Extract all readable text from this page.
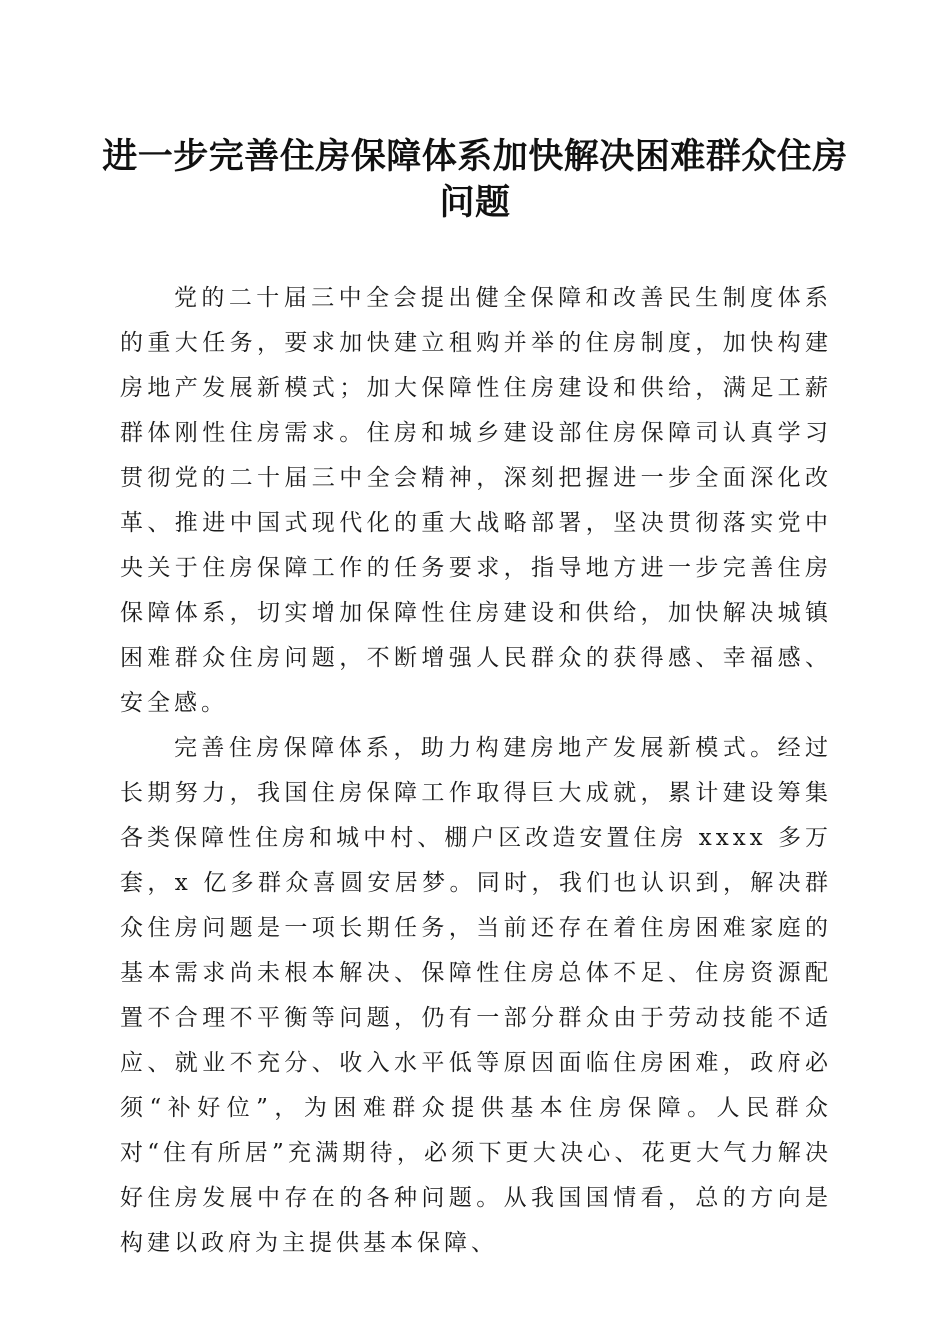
进一步完善住房保障体系加快解决困难群众住房问题

党的二十届三中全会提出健全保障和改善民生制度体系的重大任务，要求加快建立租购并举的住房制度，加快构建房地产发展新模式；加大保障性住房建设和供给，满足工薪群体刚性住房需求。住房和城乡建设部住房保障司认真学习贯彻党的二十届三中全会精神，深刻把握进一步全面深化改革、推进中国式现代化的重大战略部署，坚决贯彻落实党中央关于住房保障工作的任务要求，指导地方进一步完善住房保障体系，切实增加保障性住房建设和供给，加快解决城镇困难群众住房问题，不断增强人民群众的获得感、幸福感、安全感。

完善住房保障体系，助力构建房地产发展新模式。经过长期努力，我国住房保障工作取得巨大成就，累计建设筹集各类保障性住房和城中村、棚户区改造安置住房 xxxx 多万套，x 亿多群众喜圆安居梦。同时，我们也认识到，解决群众住房问题是一项长期任务，当前还存在着住房困难家庭的基本需求尚未根本解决、保障性住房总体不足、住房资源配置不合理不平衡等问题，仍有一部分群众由于劳动技能不适应、就业不充分、收入水平低等原因面临住房困难，政府必须“补好位”，为困难群众提供基本住房保障。人民群众对“住有所居”充满期待，必须下更大决心、花更大气力解决好住房发展中存在的各种问题。从我国国情看，总的方向是构建以政府为主提供基本保障、
